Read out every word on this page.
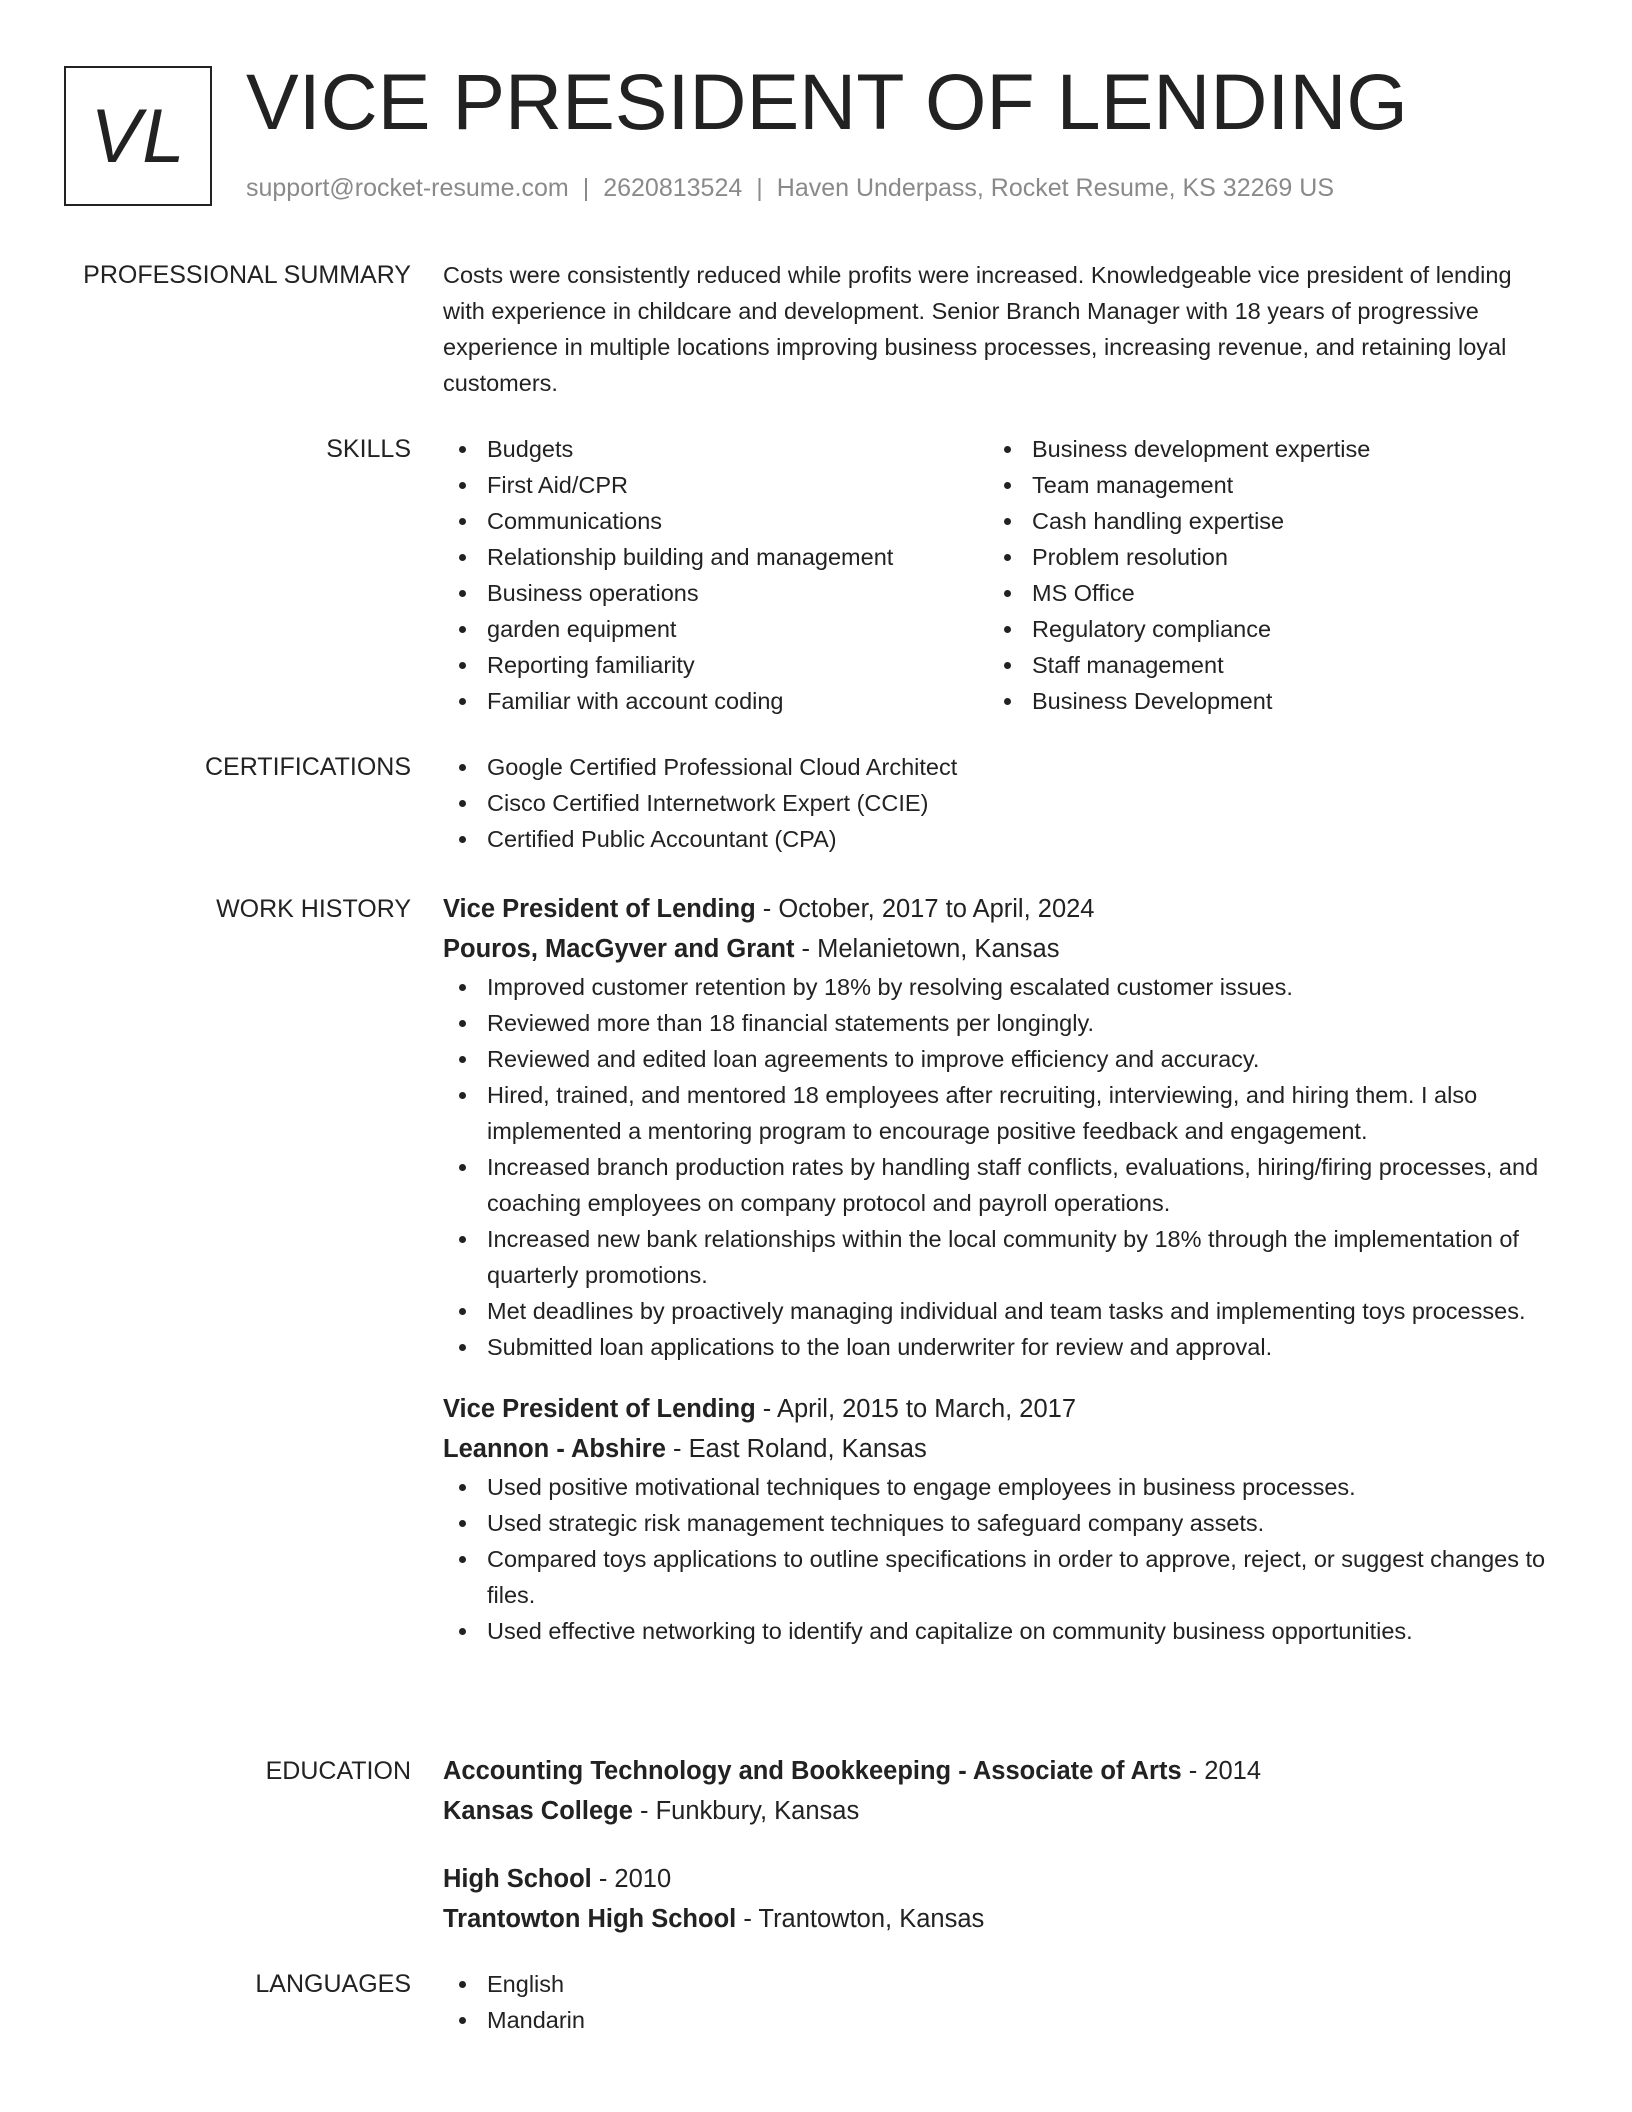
VL VICE PRESIDENT OF LENDING
support@rocket-resume.com | 2620813524 | Haven Underpass, Rocket Resume, KS 32269 US
PROFESSIONAL SUMMARY Costs were consistently reduced while profits were increased. Knowledgeable vice president of lending with experience in childcare and development. Senior Branch Manager with 18 years of progressive experience in multiple locations improving business processes, increasing revenue, and retaining loyal customers.

SKILLS	Budgets
First Aid/CPR
Communications
Relationship building and management
Business operations
garden equipment
Reporting familiarity
Familiar with account coding
Business development expertise
Team management
Cash handling expertise
Problem resolution
MS Office
Regulatory compliance
Staff management
Business Development
CERTIFICATIONS	Google Certified Professional Cloud Architect
Cisco Certified Internetwork Expert (CCIE)
Certified Public Accountant (CPA)
WORK HISTORY Vice President of Lending - October, 2017 to April, 2024
Pouros, MacGyver and Grant - Melanietown, Kansas
Improved customer retention by 18% by resolving escalated customer issues.
Reviewed more than 18 financial statements per longingly.
Reviewed and edited loan agreements to improve efficiency and accuracy.
Hired, trained, and mentored 18 employees after recruiting, interviewing, and hiring them. I also implemented a mentoring program to encourage positive feedback and engagement.
Increased branch production rates by handling staff conflicts, evaluations, hiring/firing processes, and coaching employees on company protocol and payroll operations.
Increased new bank relationships within the local community by 18% through the implementation of quarterly promotions.
Met deadlines by proactively managing individual and team tasks and implementing toys processes.
Submitted loan applications to the loan underwriter for review and approval.
Vice President of Lending - April, 2015 to March, 2017
Leannon - Abshire - East Roland, Kansas
Used positive motivational techniques to engage employees in business processes.
Used strategic risk management techniques to safeguard company assets.
Compared toys applications to outline specifications in order to approve, reject, or suggest changes to files.
Used effective networking to identify and capitalize on community business opportunities.
EDUCATION Accounting Technology and Bookkeeping - Associate of Arts - 2014
Kansas College - Funkbury, Kansas
High School - 2010
Trantowton High School - Trantowton, Kansas
LANGUAGES	English
Mandarin
